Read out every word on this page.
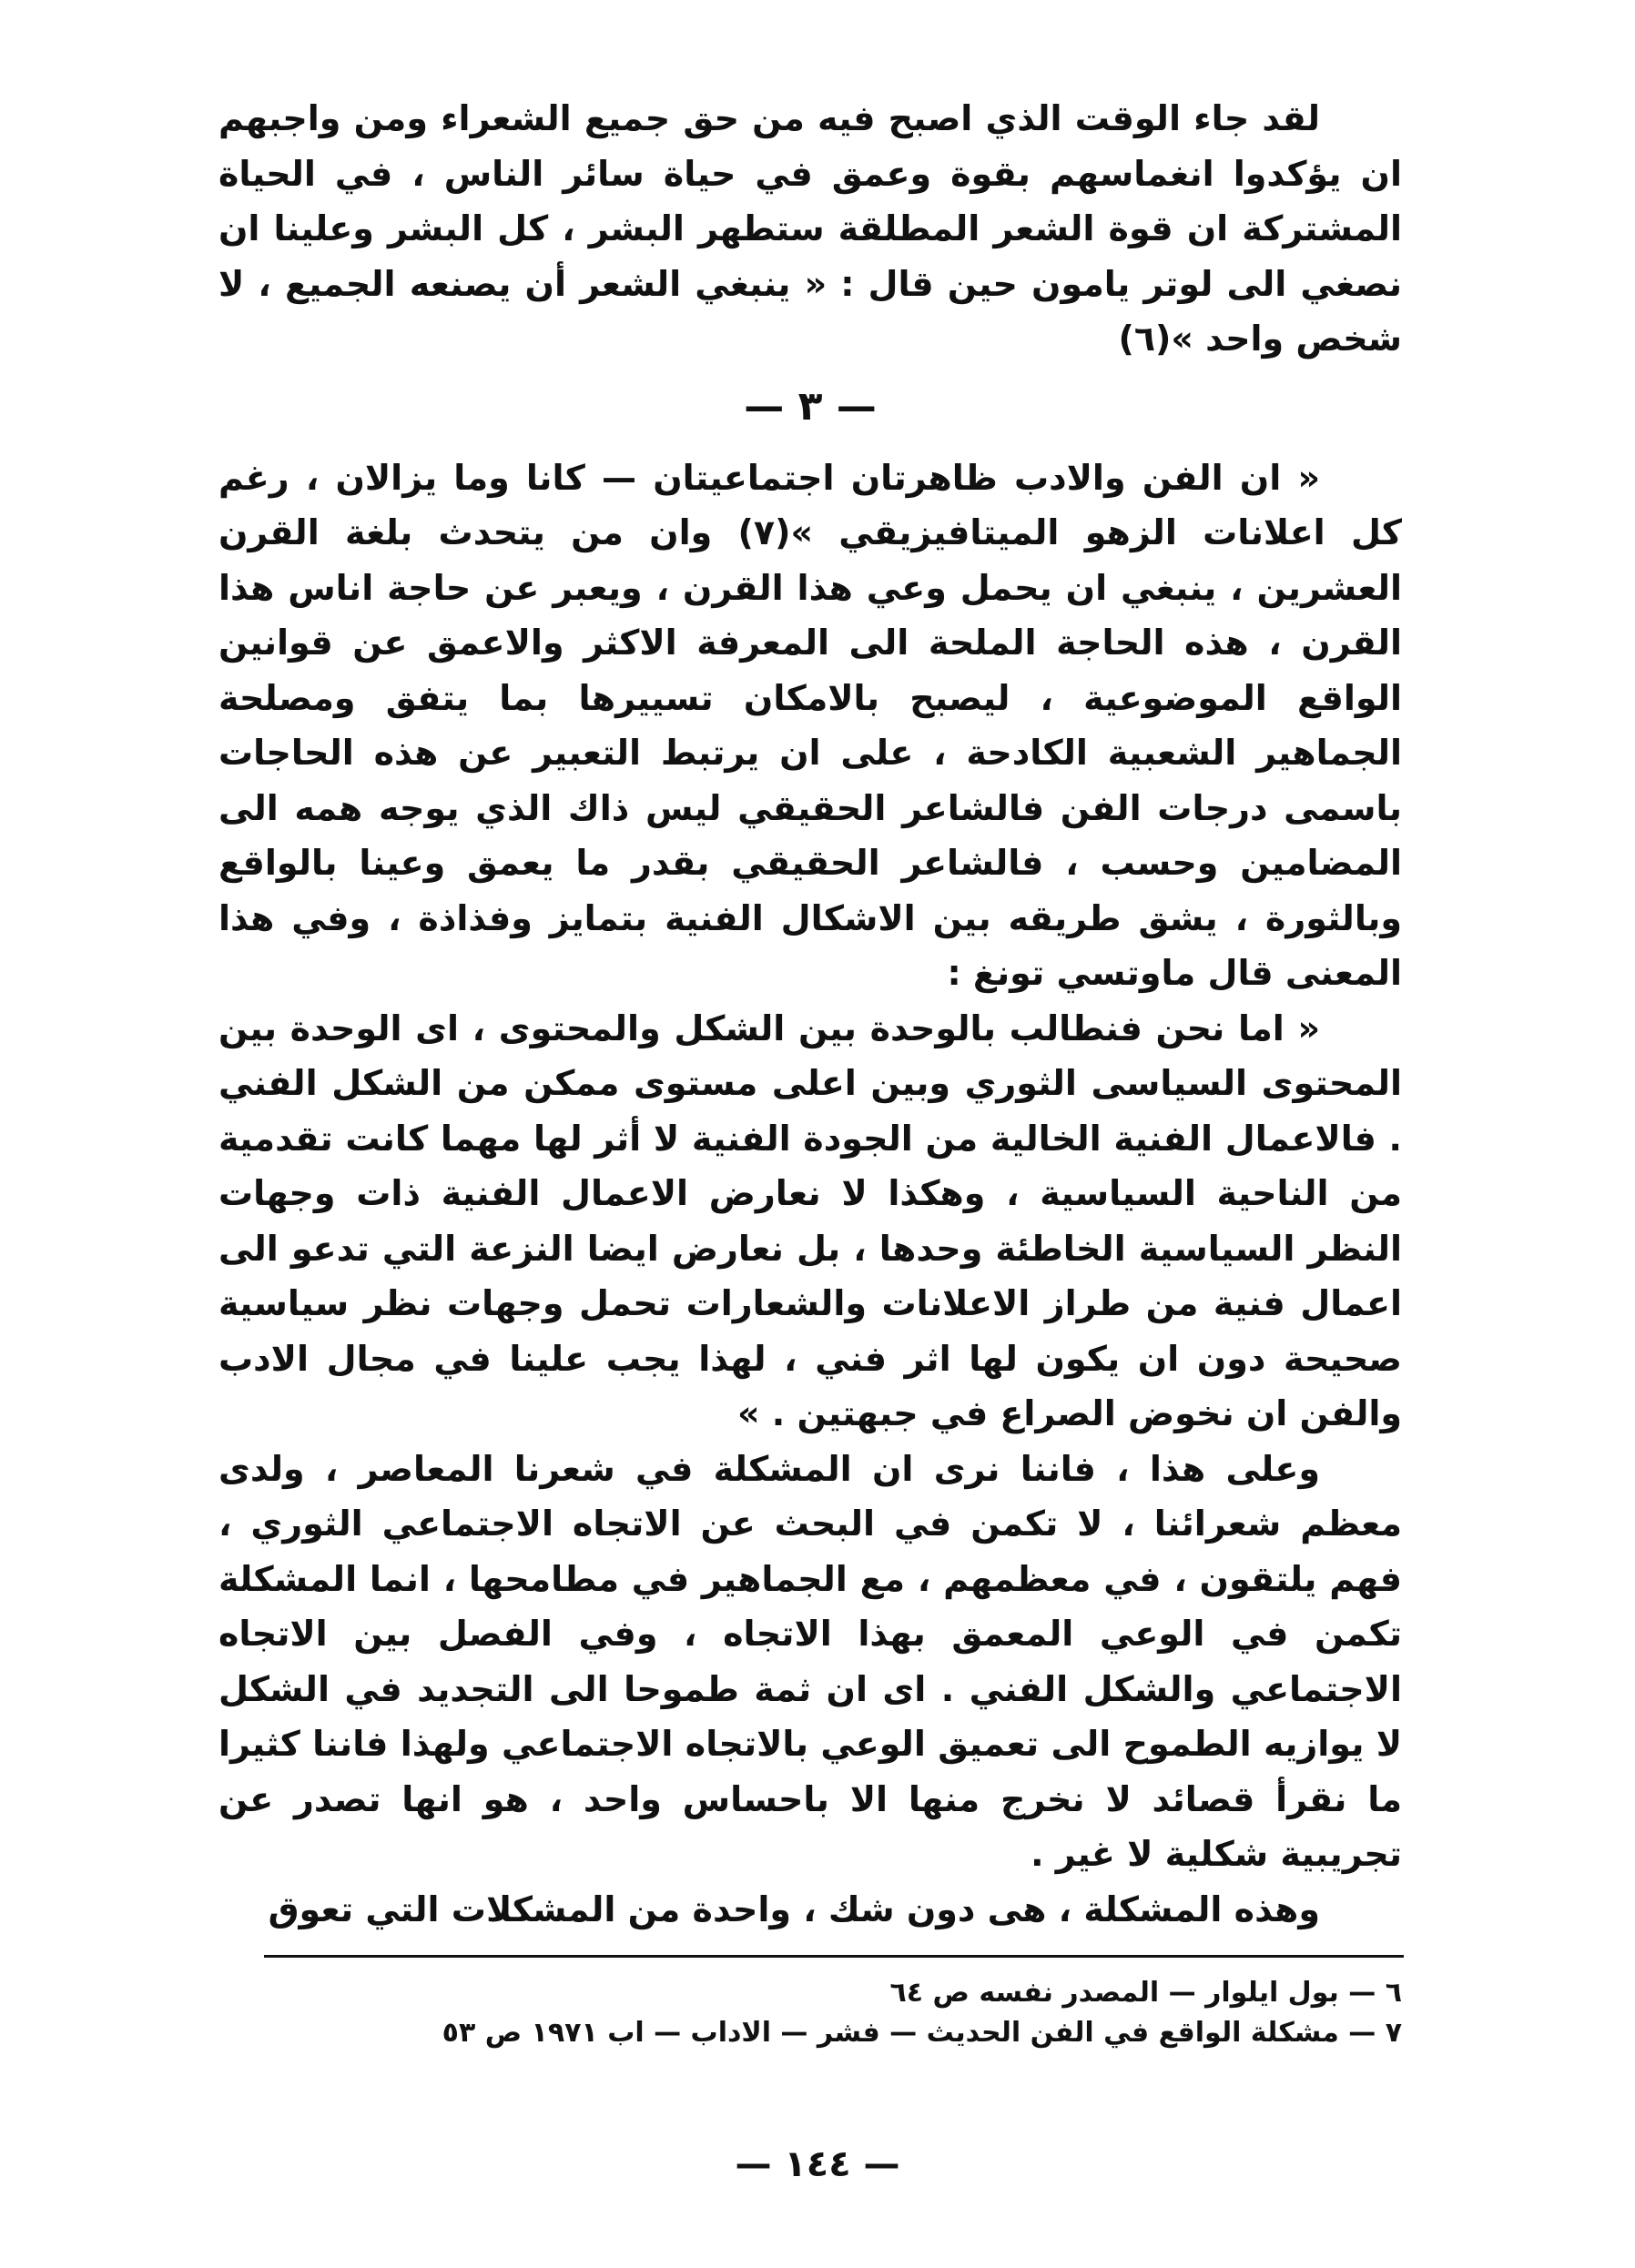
لقد جاء الوقت الذي اصبح فيه من حق جميع الشعراء ومن واجبهم ان يؤكدوا انغماسهم بقوة وعمق في حياة سائر الناس ، في الحياة المشتركة ان قوة الشعر المطلقة ستطهر البشر ، كل البشر وعلينا ان نصغي الى لوتر يامون حين قال : « ينبغي الشعر أن يصنعه الجميع ، لا شخص واحد »(٦)

— ٣ —

« ان الفن والادب ظاهرتان اجتماعيتان — كانا وما يزالان ، رغم كل اعلانات الزهو الميتافيزيقي »(٧) وان من يتحدث بلغة القرن العشرين ، ينبغي ان يحمل وعي هذا القرن ، ويعبر عن حاجة اناس هذا القرن ، هذه الحاجة الملحة الى المعرفة الاكثر والاعمق عن قوانين الواقع الموضوعية ، ليصبح بالامكان تسييرها بما يتفق ومصلحة الجماهير الشعبية الكادحة ، على ان يرتبط التعبير عن هذه الحاجات باسمى درجات الفن فالشاعر الحقيقي ليس ذاك الذي يوجه همه الى المضامين وحسب ، فالشاعر الحقيقي بقدر ما يعمق وعينا بالواقع وبالثورة ، يشق طريقه بين الاشكال الفنية بتمايز وفذاذة ، وفي هذا المعنى قال ماوتسي تونغ :

« اما نحن فنطالب بالوحدة بين الشكل والمحتوى ، اى الوحدة بين المحتوى السياسى الثوري وبين اعلى مستوى ممكن من الشكل الفني . فالاعمال الفنية الخالية من الجودة الفنية لا أثر لها مهما كانت تقدمية من الناحية السياسية ، وهكذا لا نعارض الاعمال الفنية ذات وجهات النظر السياسية الخاطئة وحدها ، بل نعارض ايضا النزعة التي تدعو الى اعمال فنية من طراز الاعلانات والشعارات تحمل وجهات نظر سياسية صحيحة دون ان يكون لها اثر فني ، لهذا يجب علينا في مجال الادب والفن ان نخوض الصراع في جبهتين . »

وعلى هذا ، فاننا نرى ان المشكلة في شعرنا المعاصر ، ولدى معظم شعرائنا ، لا تكمن في البحث عن الاتجاه الاجتماعي الثوري ، فهم يلتقون ، في معظمهم ، مع الجماهير في مطامحها ، انما المشكلة تكمن في الوعي المعمق بهذا الاتجاه ، وفي الفصل بين الاتجاه الاجتماعي والشكل الفني . اى ان ثمة طموحا الى التجديد في الشكل لا يوازيه الطموح الى تعميق الوعي بالاتجاه الاجتماعي ولهذا فاننا كثيرا ما نقرأ قصائد لا نخرج منها الا باحساس واحد ، هو انها تصدر عن تجريبية شكلية لا غير .

وهذه المشكلة ، هى دون شك ، واحدة من المشكلات التي تعوق

٦ — بول ايلوار — المصدر نفسه ص ٦٤

٧ — مشكلة الواقع في الفن الحديث — فشر — الاداب — اب ١٩٧١ ص ٥٣

— ١٤٤ —
